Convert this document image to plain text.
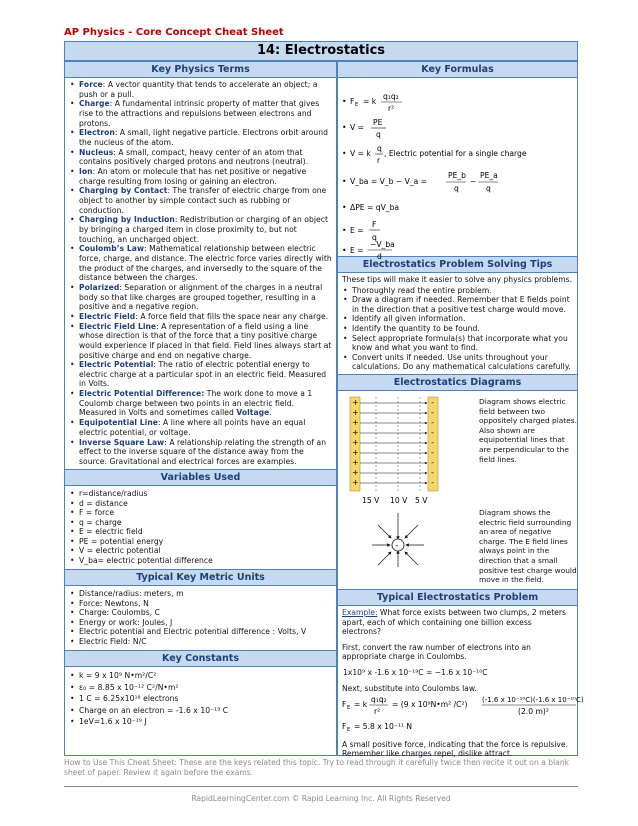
AP Physics - Core Concept Cheat Sheet
14: Electrostatics
Key Physics Terms
• Force: A vector quantity that tends to accelerate an object; a push or a pull.
• Charge: A fundamental intrinsic property of matter that gives rise to the attractions and repulsions between electrons and protons.
• Electron: A small, light negative particle. Electrons orbit around the nucleus of the atom.
• Nucleus: A small, compact, heavy center of an atom that contains positively charged protons and neutrons (neutral).
• Ion: An atom or molecule that has net positive or negative charge resulting from losing or gaining an electron.
• Charging by Contact: The transfer of electric charge from one object to another by simple contact such as rubbing or conduction.
• Charging by Induction: Redistribution or charging of an object by bringing a charged item in close proximity to, but not touching, an uncharged object.
• Coulomb’s Law: Mathematical relationship between electric force, charge, and distance. The electric force varies directly with the product of the charges, and inversedly to the square of the distance between the charges.
• Polarized: Separation or alignment of the charges in a neutral body so that like charges are grouped together, resulting in a positive and a negative region.
• Electric Field: A force field that fills the space near any charge.
• Electric Field Line: A representation of a field using a line whose direction is that of the force that a tiny positive charge would experience if placed in that field. Field lines always start at positive charge and end on negative charge.
• Electric Potential: The ratio of electric potential energy to electric charge at a particular spot in an electric field. Measured in Volts.
• Electric Potential Difference: The work done to move a 1 Coulomb charge between two points in an electric field. Measured in Volts and sometimes called Voltage.
• Equipotential Line: A line where all points have an equal electric potential, or voltage.
• Inverse Square Law: A relationship relating the strength of an effect to the inverse square of the distance away from the source. Gravitational and electrical forces are examples.
Variables Used
• r=distance/radius
• d = distance
• F = force
• q = charge
• E = electric field
• PE = potential energy
• V = electric potential
• V_ba= electric potential difference
Typical Key Metric Units
• Distance/radius: meters, m
• Force: Newtons, N
• Charge: Coulombs, C
• Energy or work: Joules, J
• Electric potential and Electric potential difference : Volts, V
• Electric Field: N/C
Key Constants
• k = 9 x 10⁹ N•m²/C²
• ε₀ = 8.85 x 10⁻¹² C²/N•m²
• 1 C = 6.25x10¹⁸ electrons
• Charge on an electron = -1.6 x 10⁻¹⁹ C
• 1eV=1.6 x 10⁻¹⁹ J
Key Formulas
• F E = k
q₁q₂
r²
• V =
PE
q
• V = k
q
r
, Electric potential for a single charge
• V_ba = V_b − V_a =
PE_b
q
−
PE_a
q
• ΔPE = qV_ba
• E =
F
q
• E =
−V_ba
d
Electrostatics Problem Solving Tips
These tips will make it easier to solve any physics problems.
• Thoroughly read the entire problem.
• Draw a diagram if needed. Remember that E fields point in the direction that a positive test charge would move.
• Identify all given information.
• Identify the quantity to be found.
• Select appropriate formula(s) that incorporate what you know and what you want to find.
• Convert units if needed. Use units throughout your calculations. Do any mathematical calculations carefully.
Electrostatics Diagrams
+
+
+
+
+
+
+
+
+
-
-
-
-
-
-
-
-
-
15 V 10 V 5 V
-
Diagram shows electric field between two oppositely charged plates. Also shown are equipotential lines that are perpendicular to the field lines.
Diagram shows the electric field surrounding an area of negative charge. The E field lines always point in the direction that a small positive test charge would move in the field.
Typical Electrostatics Problem

Example: What force exists between two clumps, 2 meters apart, each of which containing one billion excess electrons?

First, convert the raw number of electrons into an appropriate charge in Coulombs.

1x10⁹ x -1.6 x 10⁻¹⁹C = −1.6 x 10⁻¹⁰C

Next, substitute into Coulombs law.

F E = k
q₁q₂
r²
= (9 x 10⁹N•m² /C²) (-1.6 x 10⁻¹⁰C)(-1.6 x 10⁻¹⁰C)
(2.0 m)²
F E = 5.8 x 10⁻¹¹ N

A small positive force, indicating that the force is repulsive. Remember like charges repel, dislike attract.

How to Use This Cheat Sheet: These are the keys related this topic. Try to read through it carefully twice then recite it out on a blank sheet of paper. Review it again before the exams.
RapidLearningCenter.com © Rapid Learning Inc. All Rights Reserved
